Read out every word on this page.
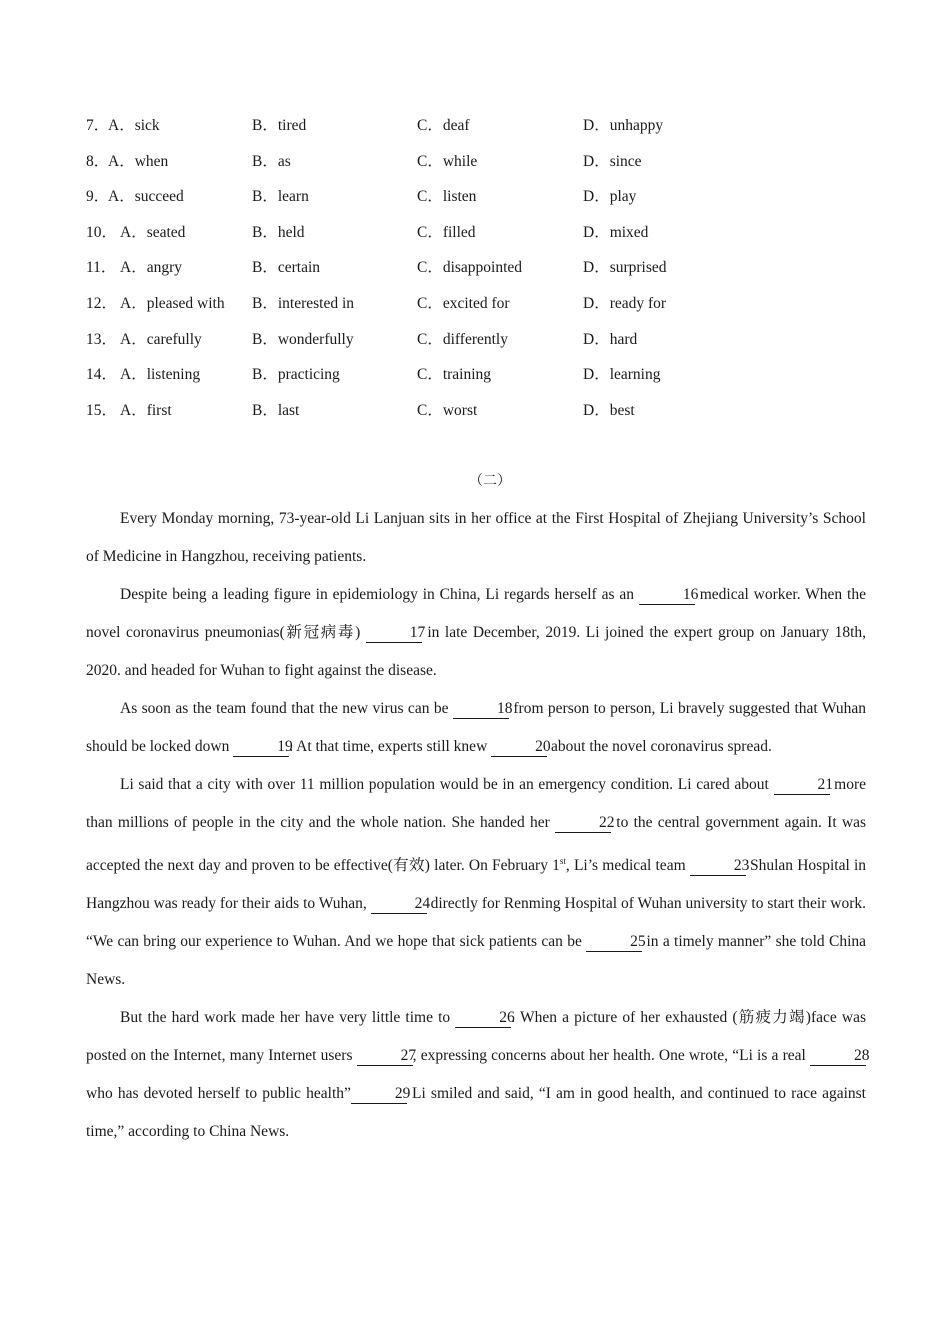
7．
A．sick	B．tired	C．deaf	D．unhappy
8．
A．when	B．as	C．while	D．since
9．
A．succeed	B．learn	C．listen	D．play
10． A．seated	B．held	C．filled	D．mixed
11． A．angry	B．certain	C．disappointed	D．surprised
12． A．pleased with B．interested in	C．excited for	D．ready for
13． A．carefully	B．wonderfully	C．differently	D．hard
14． A．listening	B．practicing	C．training	D．learning
15． A．first	B．last	C．worst	D．best
（二）

Every Monday morning, 73-year-old Li Lanjuan sits in her office at the First Hospital of Zhejiang University’s School of Medicine in Hangzhou, receiving patients.

Despite being a leading figure in epidemiology in China, Li regards herself as an	16 medical worker. When the novel coronavirus pneumonias(新冠病毒)	17 in late December, 2019. Li joined the expert group on January 18th, 2020. and headed for Wuhan to fight against the disease.

As soon as the team found that the new virus can be	18 from person to person, Li bravely suggested that Wuhan should be locked down	19. At that time, experts still knew	20 about the novel coronavirus spread.

Li said that a city with over 11 million population would be in an emergency condition. Li cared about	21 more than millions of people in the city and the whole nation. She handed her	22 to the central government again. It was accepted the next day and proven to be effective(有效) later. On February 1st, Li’s medical team	23 Shulan Hospital in Hangzhou was ready for their aids to Wuhan,	24 directly for Renming Hospital of Wuhan university to start their work. “We can bring our experience to Wuhan. And we hope that sick patients can be	25 in a timely manner” she told China News.

But the hard work made her have very little time to	26. When a picture of her exhausted (筋疲力竭)face was posted on the Internet, many Internet users	27, expressing concerns about her health. One wrote, “Li is a real	28 who has devoted herself to public health”	29 Li smiled and said, “I am in good health, and continued to race against time,” according to China News.
